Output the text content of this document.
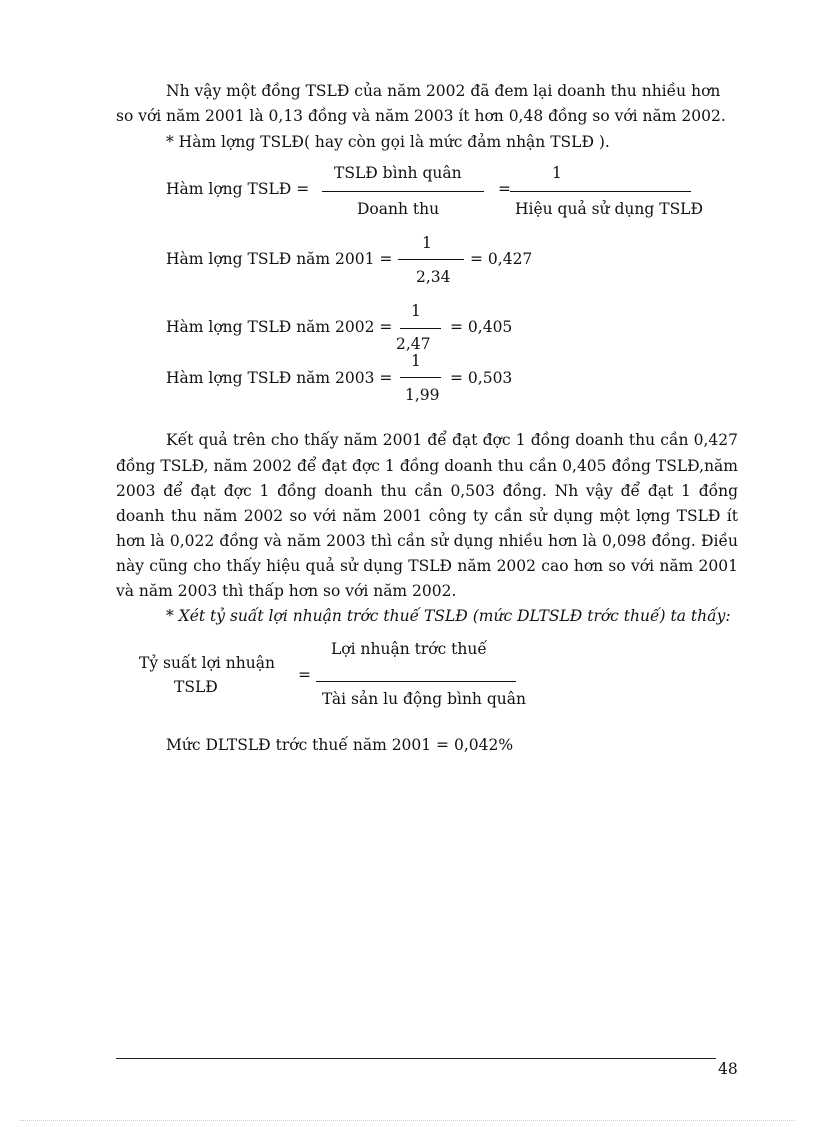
Nh vậy một đồng TSLĐ của năm 2002 đã đem lại doanh thu nhiều hơn
so với năm 2001 là 0,13 đồng và năm 2003 ít hơn 0,48 đồng so với năm 2002.
* Hàm lợng TSLĐ( hay còn gọi là mức đảm nhận TSLĐ ).
Hàm lợng TSLĐ =
TSLĐ bình quân
Doanh thu
=
1
Hiệu quả sử dụng TSLĐ
Hàm lợng TSLĐ năm 2001 =
1
2,34
= 0,427
Hàm lợng TSLĐ năm 2002 =
1
2,47
= 0,405
Hàm lợng TSLĐ năm 2003 =
1
1,99
= 0,503
Kết quả trên cho thấy năm 2001 để đạt đợc 1 đồng doanh thu cần 0,427
đồng TSLĐ, năm 2002 để đạt đợc 1 đồng doanh thu cần 0,405 đồng TSLĐ,năm
2003 để đạt đợc 1 đồng doanh thu cần 0,503 đồng. Nh vậy để đạt 1 đồng
doanh thu năm 2002 so với năm 2001 công ty cần sử dụng một lợng TSLĐ ít
hơn là 0,022 đồng và năm 2003 thì cần sử dụng nhiều hơn là 0,098 đồng. Điều
này cũng cho thấy hiệu quả sử dụng TSLĐ năm 2002 cao hơn so với năm 2001
và năm 2003 thì thấp hơn so với năm 2002.
* Xét tỷ suất lợi nhuận trớc thuế TSLĐ (mức DLTSLĐ trớc thuế) ta thấy:
Tỷ suất lợi nhuận
TSLĐ
=
Lợi nhuận trớc thuế
Tài sản lu động bình quân
Mức DLTSLĐ trớc thuế năm 2001 = 0,042%
48
